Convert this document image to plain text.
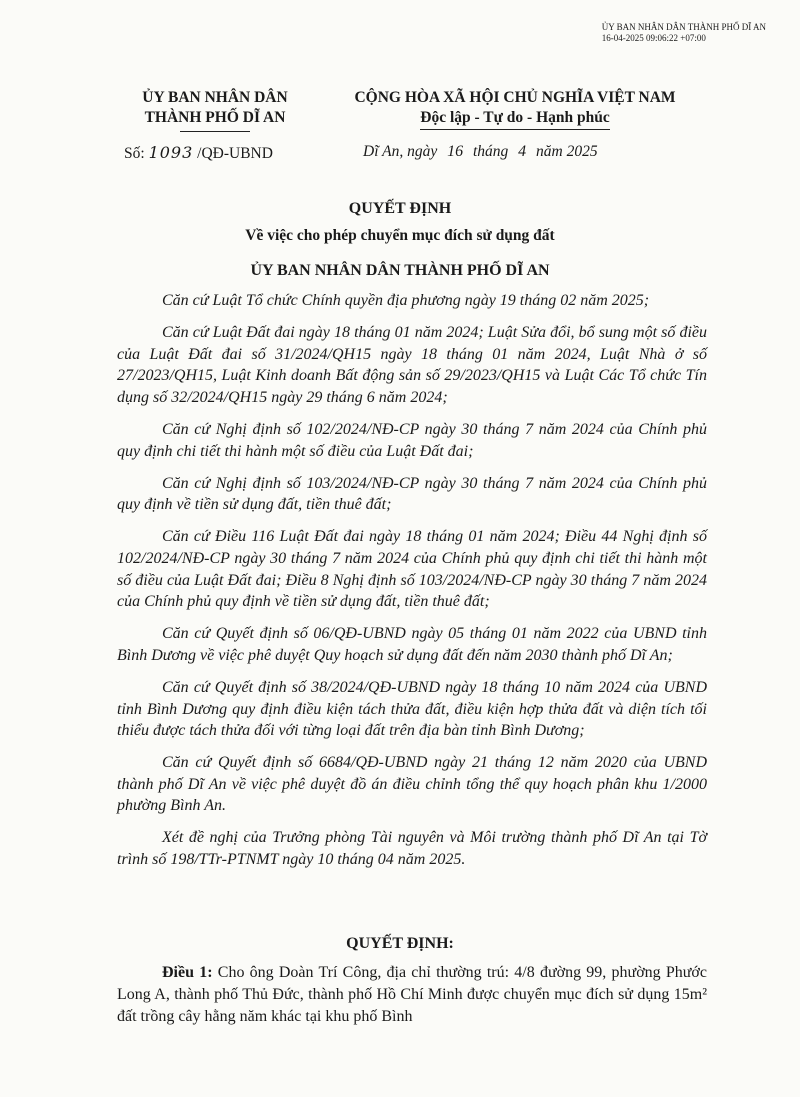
ỦY BAN NHÂN DÂN THÀNH PHỐ DĨ AN
16-04-2025 09:06:22 +07:00
ỦY BAN NHÂN DÂN
THÀNH PHỐ DĨ AN
CỘNG HÒA XÃ HỘI CHỦ NGHĨA VIỆT NAM
Độc lập - Tự do - Hạnh phúc
Số: 1093 /QĐ-UBND	Dĩ An, ngày 16 tháng 4 năm 2025
QUYẾT ĐỊNH
Về việc cho phép chuyển mục đích sử dụng đất
ỦY BAN NHÂN DÂN THÀNH PHỐ DĨ AN

Căn cứ Luật Tổ chức Chính quyền địa phương ngày 19 tháng 02 năm 2025;

Căn cứ Luật Đất đai ngày 18 tháng 01 năm 2024; Luật Sửa đổi, bổ sung một số điều của Luật Đất đai số 31/2024/QH15 ngày 18 tháng 01 năm 2024, Luật Nhà ở số 27/2023/QH15, Luật Kinh doanh Bất động sản số 29/2023/QH15 và Luật Các Tổ chức Tín dụng số 32/2024/QH15 ngày 29 tháng 6 năm 2024;

Căn cứ Nghị định số 102/2024/NĐ-CP ngày 30 tháng 7 năm 2024 của Chính phủ quy định chi tiết thi hành một số điều của Luật Đất đai;

Căn cứ Nghị định số 103/2024/NĐ-CP ngày 30 tháng 7 năm 2024 của Chính phủ quy định về tiền sử dụng đất, tiền thuê đất;

Căn cứ Điều 116 Luật Đất đai ngày 18 tháng 01 năm 2024; Điều 44 Nghị định số 102/2024/NĐ-CP ngày 30 tháng 7 năm 2024 của Chính phủ quy định chi tiết thi hành một số điều của Luật Đất đai; Điều 8 Nghị định số 103/2024/NĐ-CP ngày 30 tháng 7 năm 2024 của Chính phủ quy định về tiền sử dụng đất, tiền thuê đất;

Căn cứ Quyết định số 06/QĐ-UBND ngày 05 tháng 01 năm 2022 của UBND tỉnh Bình Dương về việc phê duyệt Quy hoạch sử dụng đất đến năm 2030 thành phố Dĩ An;

Căn cứ Quyết định số 38/2024/QĐ-UBND ngày 18 tháng 10 năm 2024 của UBND tỉnh Bình Dương quy định điều kiện tách thửa đất, điều kiện hợp thửa đất và diện tích tối thiểu được tách thửa đối với từng loại đất trên địa bàn tỉnh Bình Dương;

Căn cứ Quyết định số 6684/QĐ-UBND ngày 21 tháng 12 năm 2020 của UBND thành phố Dĩ An về việc phê duyệt đồ án điều chỉnh tổng thể quy hoạch phân khu 1/2000 phường Bình An.

Xét đề nghị của Trưởng phòng Tài nguyên và Môi trường thành phố Dĩ An tại Tờ trình số 198/TTr-PTNMT ngày 10 tháng 04 năm 2025.

QUYẾT ĐỊNH:

Điều 1: Cho ông Doàn Trí Công, địa chỉ thường trú: 4/8 đường 99, phường Phước Long A, thành phố Thủ Đức, thành phố Hồ Chí Minh được chuyển mục đích sử dụng 15m² đất trồng cây hằng năm khác tại khu phố Bình
